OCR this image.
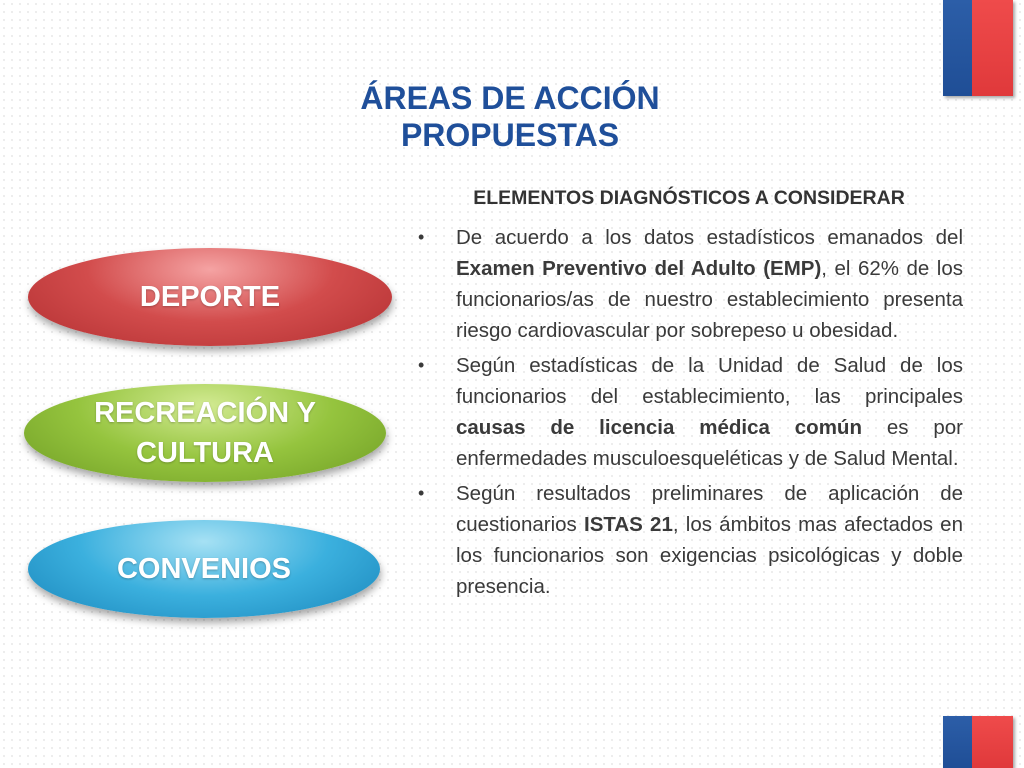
ÁREAS DE ACCIÓN
PROPUESTAS
ELEMENTOS DIAGNÓSTICOS A CONSIDERAR
DEPORTE
RECREACIÓN Y
CULTURA
CONVENIOS
• De acuerdo a los datos estadísticos emanados del Examen Preventivo del Adulto (EMP), el 62% de los funcionarios/as de nuestro establecimiento presenta riesgo cardiovascular por sobrepeso u obesidad.
• Según estadísticas de la Unidad de Salud de los funcionarios del establecimiento, las principales causas de licencia médica común es por enfermedades musculoesqueléticas y de Salud Mental.
• Según resultados preliminares de aplicación de cuestionarios ISTAS 21, los ámbitos mas afectados en los funcionarios son exigencias psicológicas y doble presencia.
